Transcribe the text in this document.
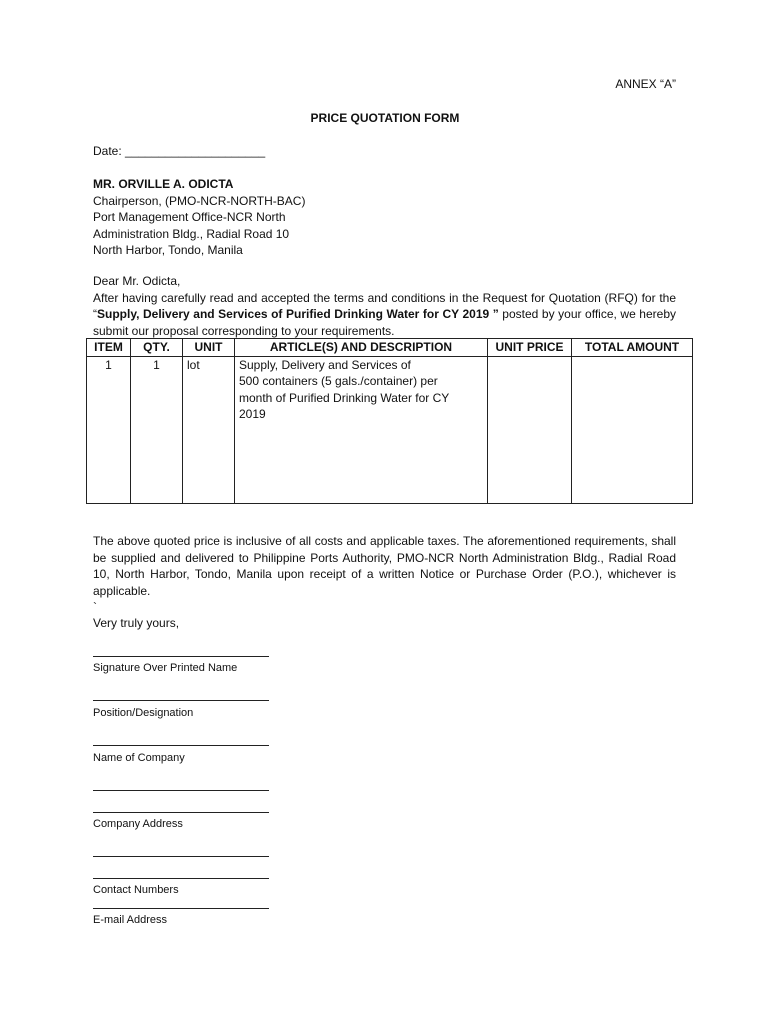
ANNEX “A”
PRICE QUOTATION FORM
Date: _____________________
MR. ORVILLE A. ODICTA
Chairperson, (PMO-NCR-NORTH-BAC)
Port Management Office-NCR North
Administration Bldg., Radial Road 10
North Harbor, Tondo, Manila
Dear Mr. Odicta,
After having carefully read and accepted the terms and conditions in the Request for Quotation (RFQ) for the “Supply, Delivery and Services of Purified Drinking Water for CY 2019 ” posted by your office, we hereby submit our proposal corresponding to your requirements.
ITEM	QTY.	UNIT	ARTICLE(S) AND DESCRIPTION	UNIT PRICE	TOTAL AMOUNT
1	1	lot	Supply, Delivery and Services of
500 containers (5 gals./container) per
month of Purified Drinking Water for CY
2019		

The above quoted price is inclusive of all costs and applicable taxes. The aforementioned requirements, shall be supplied and delivered to Philippine Ports Authority, PMO-NCR North Administration Bldg., Radial Road 10, North Harbor, Tondo, Manila upon receipt of a written Notice or Purchase Order (P.O.), whichever is applicable.
`
Very truly yours,
Signature Over Printed Name
Position/Designation
Name of Company
Company Address
Contact Numbers
E-mail Address
